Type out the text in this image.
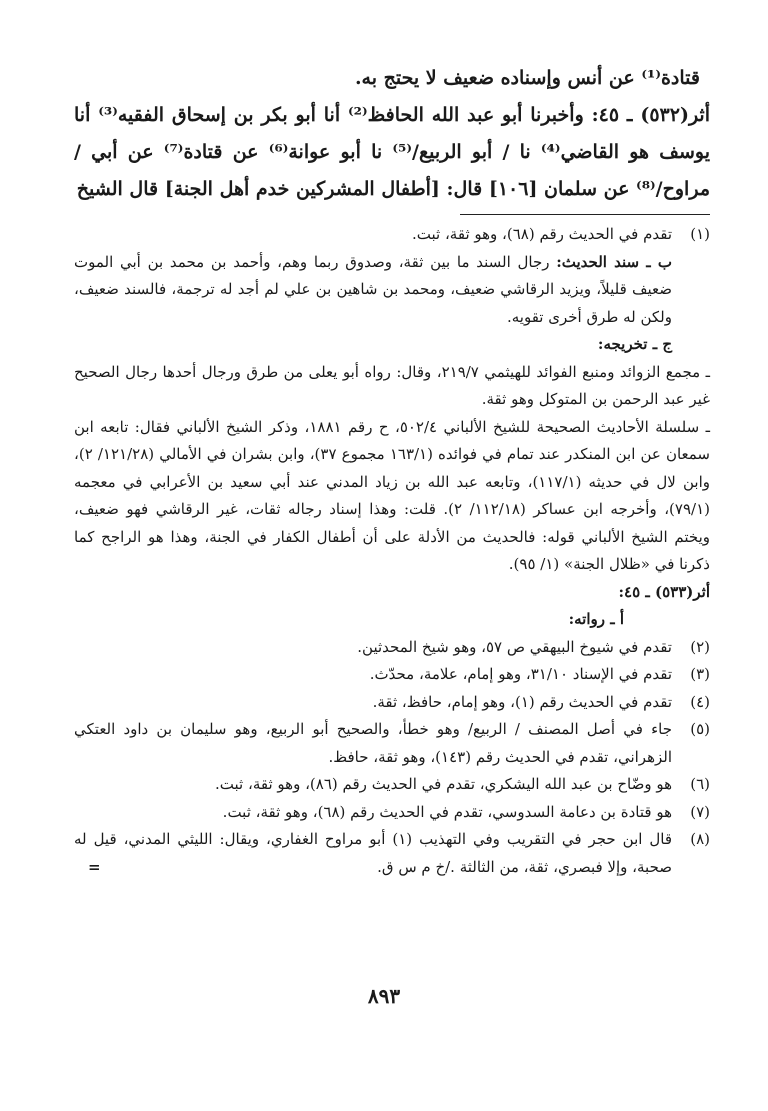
قتادة⁽¹⁾ عن أنس وإسناده ضعيف لا يحتج به.

أثر(٥٣٢) ـ ٤٥: وأخبرنا أبو عبد الله الحافظ⁽²⁾ أنا أبو بكر بن إسحاق الفقيه⁽³⁾ أنا يوسف هو القاضي⁽⁴⁾ نا / أبو الربيع/⁽⁵⁾ نا أبو عوانة⁽⁶⁾ عن قتادة⁽⁷⁾ عن أبي / مراوح/⁽⁸⁾ عن سلمان [١٠٦] قال: [أطفال المشركين خدم أهل الجنة] قال الشيخ

(١)
تقدم في الحديث رقم (٦٨)، وهو ثقة، ثبت.

ب ـ سند الحديث: رجال السند ما بين ثقة، وصدوق ربما وهم، وأحمد بن محمد بن أبي الموت ضعيف قليلاً، ويزيد الرقاشي ضعيف، ومحمد بن شاهين بن علي لم أجد له ترجمة، فالسند ضعيف، ولكن له طرق أخرى تقويه.

ج ـ تخريجه:

ـ مجمع الزوائد ومنبع الفوائد للهيثمي ٢١٩/٧، وقال: رواه أبو يعلى من طرق ورجال أحدها رجال الصحيح غير عبد الرحمن بن المتوكل وهو ثقة.

ـ سلسلة الأحاديث الصحيحة للشيخ الألباني ٥٠٢/٤، ح رقم ١٨٨١، وذكر الشيخ الألباني فقال: تابعه ابن سمعان عن ابن المنكدر عند تمام في فوائده (١٦٣/١ مجموع ٣٧)، وابن بشران في الأمالي (١٢١/٢٨/ ٢)، وابن لال في حديثه (١١٧/١)، وتابعه عبد الله بن زياد المدني عند أبي سعيد بن الأعرابي في معجمه (٧٩/١)، وأخرجه ابن عساكر (١١٢/١٨/ ٢). قلت: وهذا إسناد رجاله ثقات، غير الرقاشي فهو ضعيف، ويختم الشيخ الألباني قوله: فالحديث من الأدلة على أن أطفال الكفار في الجنة، وهذا هو الراجح كما ذكرنا في «ظلال الجنة» (١/ ٩٥).

أثر(٥٣٣) ـ ٤٥:

أ ـ رواته:

(٢)
تقدم في شيوخ البيهقي ص ٥٧، وهو شيخ المحدثين.
(٣)
تقدم في الإسناد ٣١/١٠، وهو إمام، علامة، محدّث.
(٤)
تقدم في الحديث رقم (١)، وهو إمام، حافظ، ثقة.
(٥)
جاء في أصل المصنف / الربيع/ وهو خطأ، والصحيح أبو الربيع، وهو سليمان بن داود العتكي الزهراني، تقدم في الحديث رقم (١٤٣)، وهو ثقة، حافظ.
(٦)
هو وضّاح بن عبد الله اليشكري، تقدم في الحديث رقم (٨٦)، وهو ثقة، ثبت.
(٧)
هو قتادة بن دعامة السدوسي، تقدم في الحديث رقم (٦٨)، وهو ثقة، ثبت.
(٨)
قال ابن حجر في التقريب وفي التهذيب (١) أبو مراوح الغفاري، ويقال: الليثي المدني، قيل له صحبة، وإلا فبصري، ثقة، من الثالثة ./خ م س ق.
=
٨٩٣
